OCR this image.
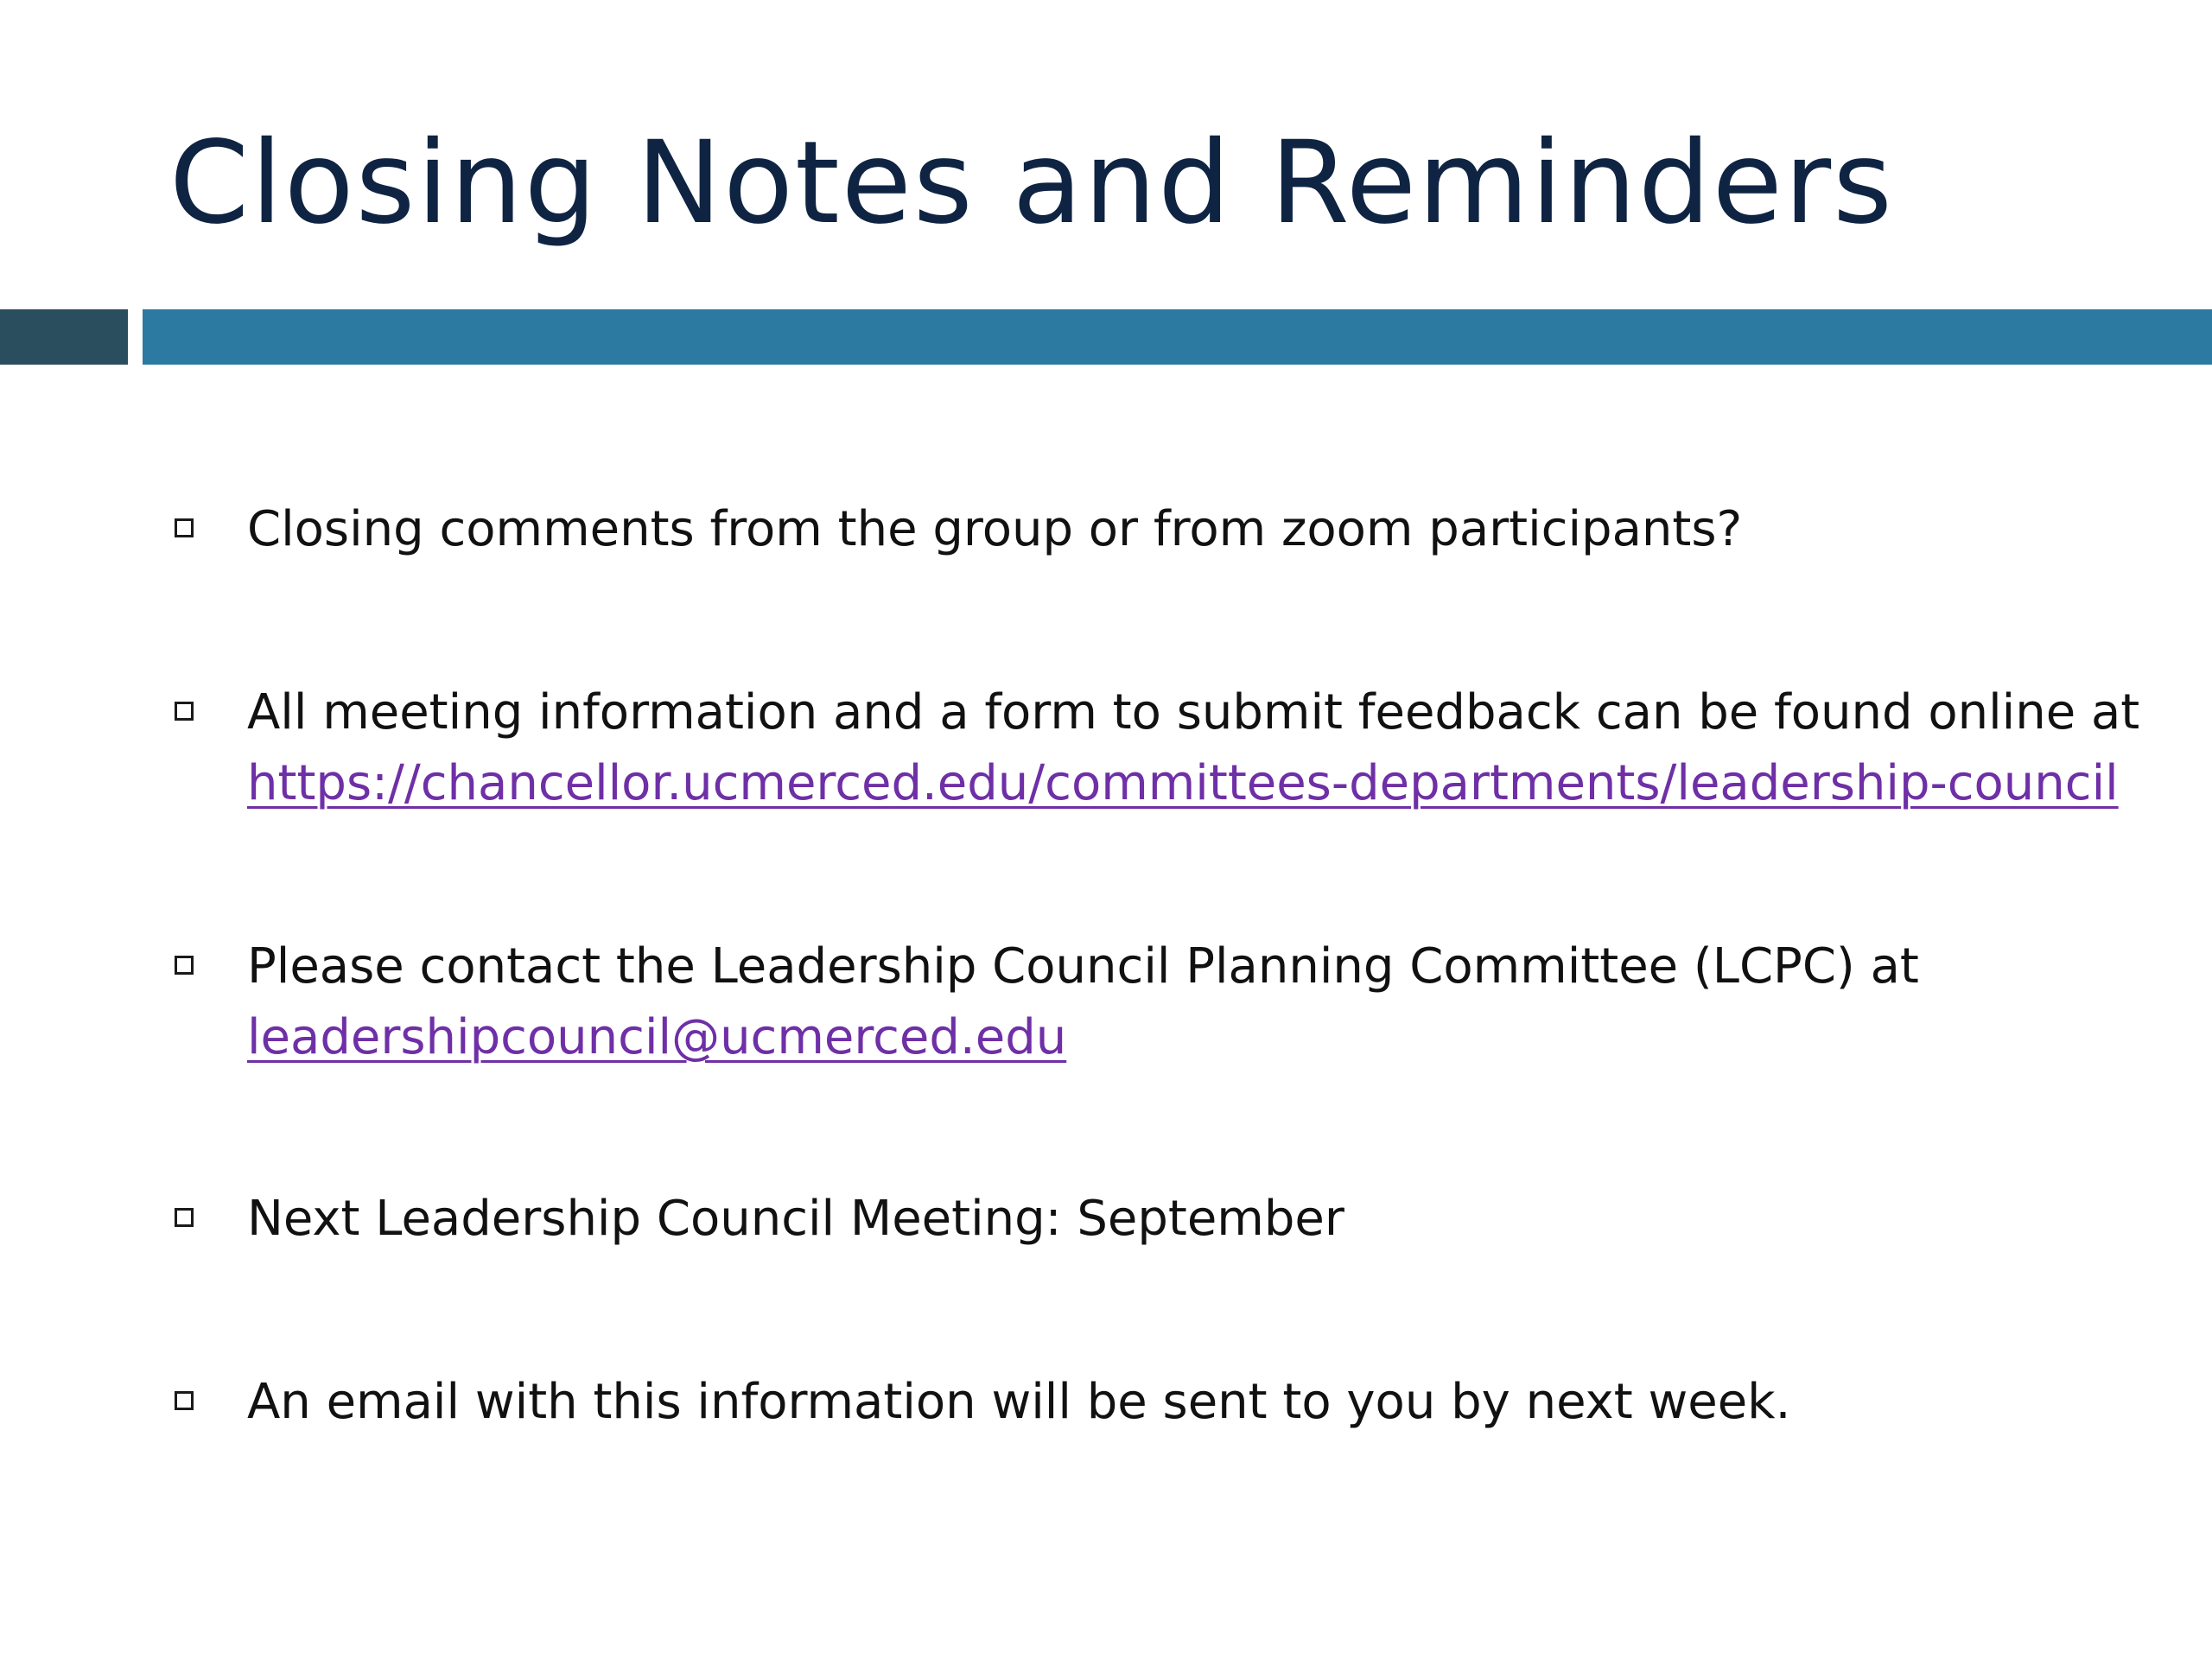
Closing Notes and Reminders
Closing comments from the group or from zoom participants?
All meeting information and a form to submit feedback can be found online at
https://chancellor.ucmerced.edu/committees-departments/leadership-council
Please contact the Leadership Council Planning Committee (LCPC) at
leadershipcouncil@ucmerced.edu
Next Leadership Council Meeting: September
An email with this information will be sent to you by next week.
